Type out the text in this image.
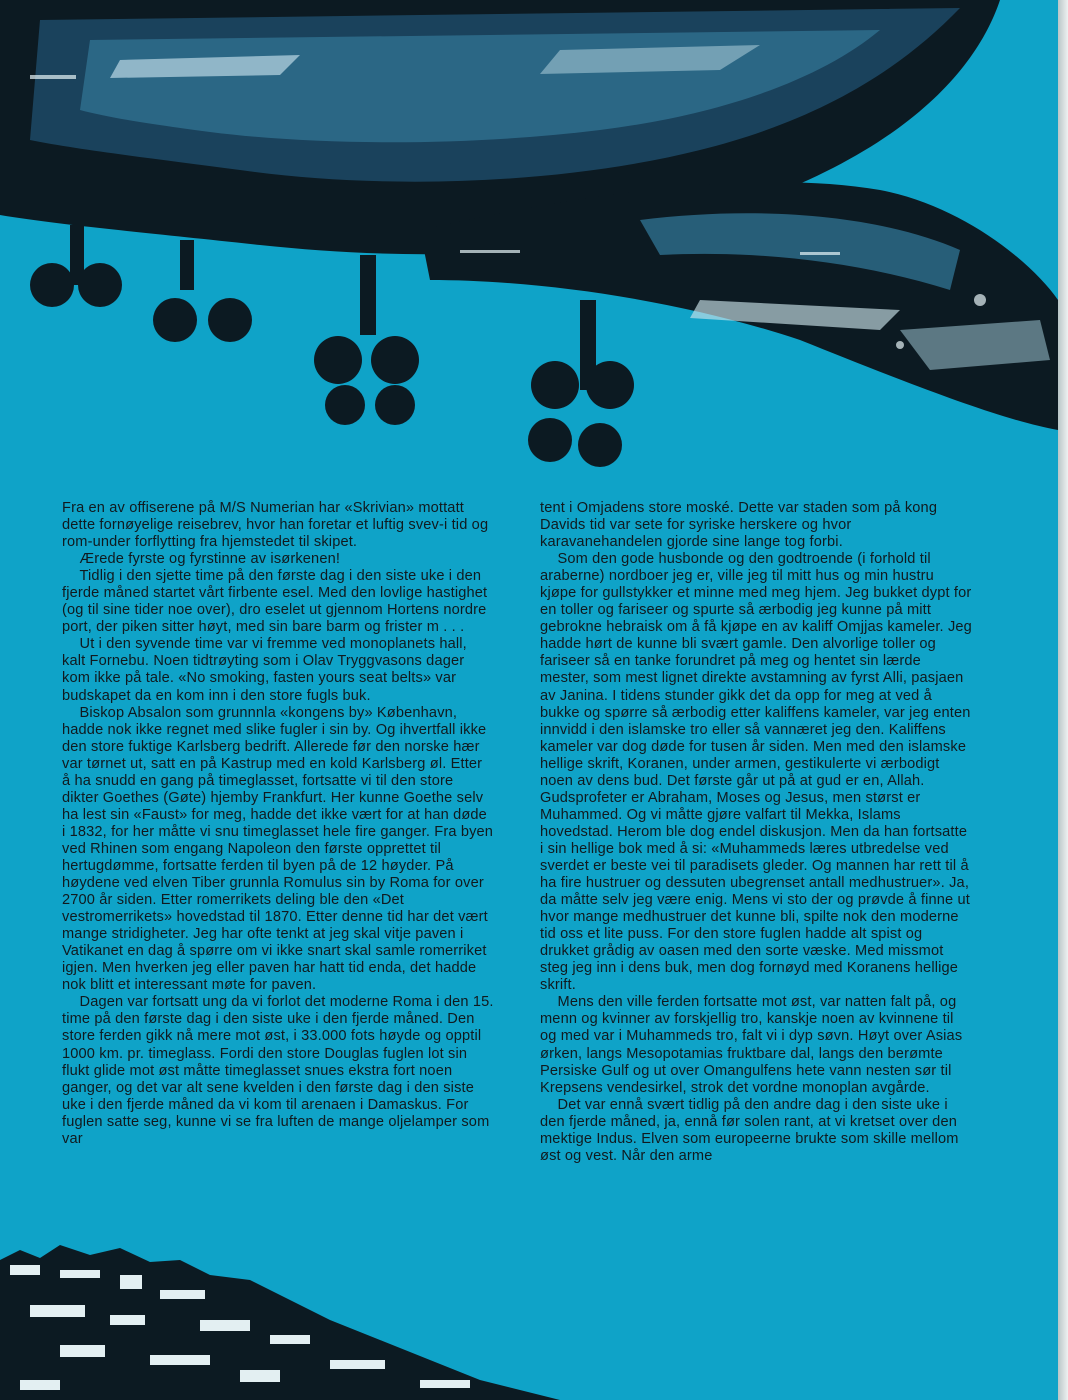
Fra en av offiserene på M/S Numerian har «Skrivian» mottatt dette fornøyelige reisebrev, hvor han foretar et luftig svev-i tid og rom-under forflytting fra hjemstedet til skipet.

Ærede fyrste og fyrstinne av isørkenen!

Tidlig i den sjette time på den første dag i den siste uke i den fjerde måned startet vårt firbente esel. Med den lovlige hastighet (og til sine tider noe over), dro eselet ut gjennom Hortens nordre port, der piken sitter høyt, med sin bare barm og frister m . . .

Ut i den syvende time var vi fremme ved monoplanets hall, kalt Fornebu. Noen tidtrøyting som i Olav Tryggvasons dager kom ikke på tale. «No smoking, fasten yours seat belts» var budskapet da en kom inn i den store fugls buk.

Biskop Absalon som grunnnla «kongens by» København, hadde nok ikke regnet med slike fugler i sin by. Og ihvertfall ikke den store fuktige Karlsberg bedrift. Allerede før den norske hær var tørnet ut, satt en på Kastrup med en kold Karlsberg øl. Etter å ha snudd en gang på timeglasset, fortsatte vi til den store dikter Goethes (Gøte) hjemby Frankfurt. Her kunne Goethe selv ha lest sin «Faust» for meg, hadde det ikke vært for at han døde i 1832, for her måtte vi snu timeglasset hele fire ganger. Fra byen ved Rhinen som engang Napoleon den første opprettet til hertugdømme, fortsatte ferden til byen på de 12 høyder. På høydene ved elven Tiber grunnla Romulus sin by Roma for over 2700 år siden. Etter romerrikets deling ble den «Det vestromerrikets» hovedstad til 1870. Etter denne tid har det vært mange stridigheter. Jeg har ofte tenkt at jeg skal vitje paven i Vatikanet en dag å spørre om vi ikke snart skal samle romerriket igjen. Men hverken jeg eller paven har hatt tid enda, det hadde nok blitt et interessant møte for paven.

Dagen var fortsatt ung da vi forlot det moderne Roma i den 15. time på den første dag i den siste uke i den fjerde måned. Den store ferden gikk nå mere mot øst, i 33.000 fots høyde og opptil 1000 km. pr. timeglass. Fordi den store Douglas fuglen lot sin flukt glide mot øst måtte timeglasset snues ekstra fort noen ganger, og det var alt sene kvelden i den første dag i den siste uke i den fjerde måned da vi kom til arenaen i Damaskus. For fuglen satte seg, kunne vi se fra luften de mange oljelamper som var

tent i Omjadens store moské. Dette var staden som på kong Davids tid var sete for syriske herskere og hvor karavanehandelen gjorde sine lange tog forbi.

Som den gode husbonde og den godtroende (i forhold til araberne) nordboer jeg er, ville jeg til mitt hus og min hustru kjøpe for gullstykker et minne med meg hjem. Jeg bukket dypt for en toller og fariseer og spurte så ærbodig jeg kunne på mitt gebrokne hebraisk om å få kjøpe en av kaliff Omjjas kameler. Jeg hadde hørt de kunne bli svært gamle. Den alvorlige toller og fariseer så en tanke forundret på meg og hentet sin lærde mester, som mest lignet direkte avstamning av fyrst Alli, pasjaen av Janina. I tidens stunder gikk det da opp for meg at ved å bukke og spørre så ærbodig etter kaliffens kameler, var jeg enten innvidd i den islamske tro eller så vannæret jeg den. Kaliffens kameler var dog døde for tusen år siden. Men med den islamske hellige skrift, Koranen, under armen, gestikulerte vi ærbodigt noen av dens bud. Det første går ut på at gud er en, Allah. Gudsprofeter er Abraham, Moses og Jesus, men størst er Muhammed. Og vi måtte gjøre valfart til Mekka, Islams hovedstad. Herom ble dog endel diskusjon. Men da han fortsatte i sin hellige bok med å si: «Muhammeds læres utbredelse ved sverdet er beste vei til paradisets gleder. Og mannen har rett til å ha fire hustruer og dessuten ubegrenset antall medhustruer». Ja, da måtte selv jeg være enig. Mens vi sto der og prøvde å finne ut hvor mange medhustruer det kunne bli, spilte nok den moderne tid oss et lite puss. For den store fuglen hadde alt spist og drukket grådig av oasen med den sorte væske. Med missmot steg jeg inn i dens buk, men dog fornøyd med Koranens hellige skrift.

Mens den ville ferden fortsatte mot øst, var natten falt på, og menn og kvinner av forskjellig tro, kanskje noen av kvinnene til og med var i Muhammeds tro, falt vi i dyp søvn. Høyt over Asias ørken, langs Mesopotamias fruktbare dal, langs den berømte Persiske Gulf og ut over Omangulfens hete vann nesten sør til Krepsens vendesirkel, strok det vordne monoplan avgårde.

Det var ennå svært tidlig på den andre dag i den siste uke i den fjerde måned, ja, ennå før solen rant, at vi kretset over den mektige Indus. Elven som europeerne brukte som skille mellom øst og vest. Når den arme
